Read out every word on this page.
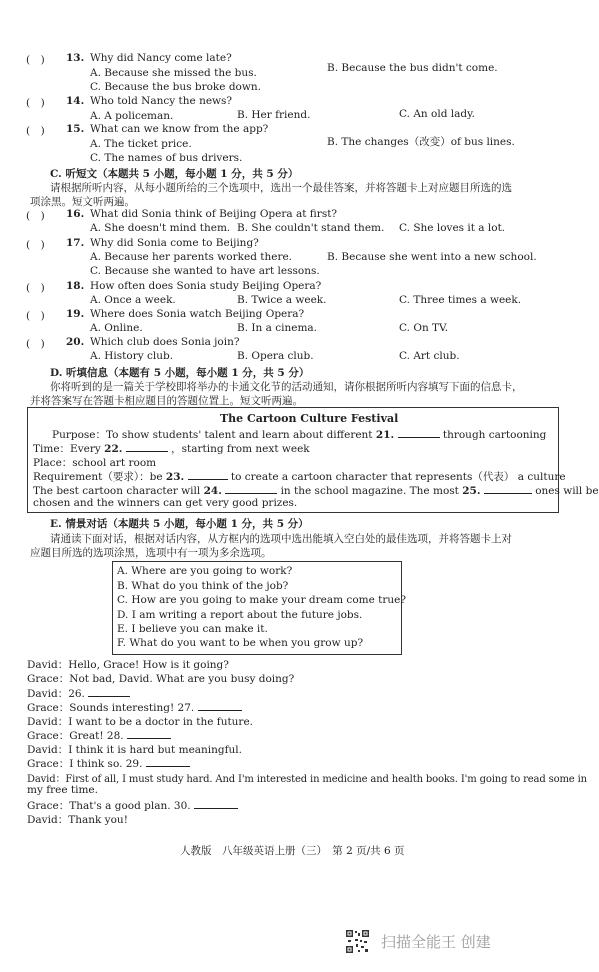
(　) 13. Why did Nancy come late?
A. Because she missed the bus.	B. Because the bus didn't come.
C. Because the bus broke down.
(　) 14. Who told Nancy the news?
A. A policeman.	B. Her friend.	C. An old lady.
(　) 15. What can we know from the app?
A. The ticket price.	B. The changes（改变）of bus lines.
C. The names of bus drivers.
C. 听短文（本题共 5 小题，每小题 1 分，共 5 分）
请根据所听内容，从每小题所给的三个选项中，选出一个最佳答案，并将答题卡上对应题目所选的选
项涂黑。短文听两遍。
(　) 16. What did Sonia think of Beijing Opera at first?
A. She doesn't mind them. B. She couldn't stand them. C. She loves it a lot.
(　) 17. Why did Sonia come to Beijing?
A. Because her parents worked there.	B. Because she went into a new school.
C. Because she wanted to have art lessons.
(　) 18. How often does Sonia study Beijing Opera?
A. Once a week.	B. Twice a week.	C. Three times a week.
(　) 19. Where does Sonia watch Beijing Opera?
A. Online.	B. In a cinema.	C. On TV.
(　) 20. Which club does Sonia join?
A. History club.	B. Opera club.	C. Art club.
D. 听填信息（本题有 5 小题，每小题 1 分，共 5 分）
你将听到的是一篇关于学校即将举办的卡通文化节的活动通知，请你根据所听内容填写下面的信息卡，
并将答案写在答题卡相应题目的答题位置上。短文听两遍。
The Cartoon Culture Festival
Purpose：To show students' talent and learn about different 21.	through cartooning
Time：Every 22.	，starting from next week
Place：school art room
Requirement（要求）：be 23.	to create a cartoon character that represents（代表） a culture
The best cartoon character will 24.	in the school magazine. The most 25.	ones will be
chosen and the winners can get very good prizes.
E. 情景对话（本题共 5 小题，每小题 1 分，共 5 分）
请通读下面对话，根据对话内容，从方框内的选项中选出能填入空白处的最佳选项，并将答题卡上对
应题目所选的选项涂黑，选项中有一项为多余选项。
A. Where are you going to work?
B. What do you think of the job?
C. How are you going to make your dream come true?
D. I am writing a report about the future jobs.
E. I believe you can make it.
F. What do you want to be when you grow up?
David：Hello, Grace! How is it going?
Grace：Not bad, David. What are you busy doing?
David：26.
Grace：Sounds interesting! 27.
David：I want to be a doctor in the future.
Grace：Great! 28.
David：I think it is hard but meaningful.
Grace：I think so. 29.
David：First of all, I must study hard. And I'm interested in medicine and health books. I'm going to read some in
my free time.
Grace：That's a good plan. 30.
David：Thank you!
人教版　八年级英语上册（三）　第 2 页/共 6 页
扫描全能王 创建
